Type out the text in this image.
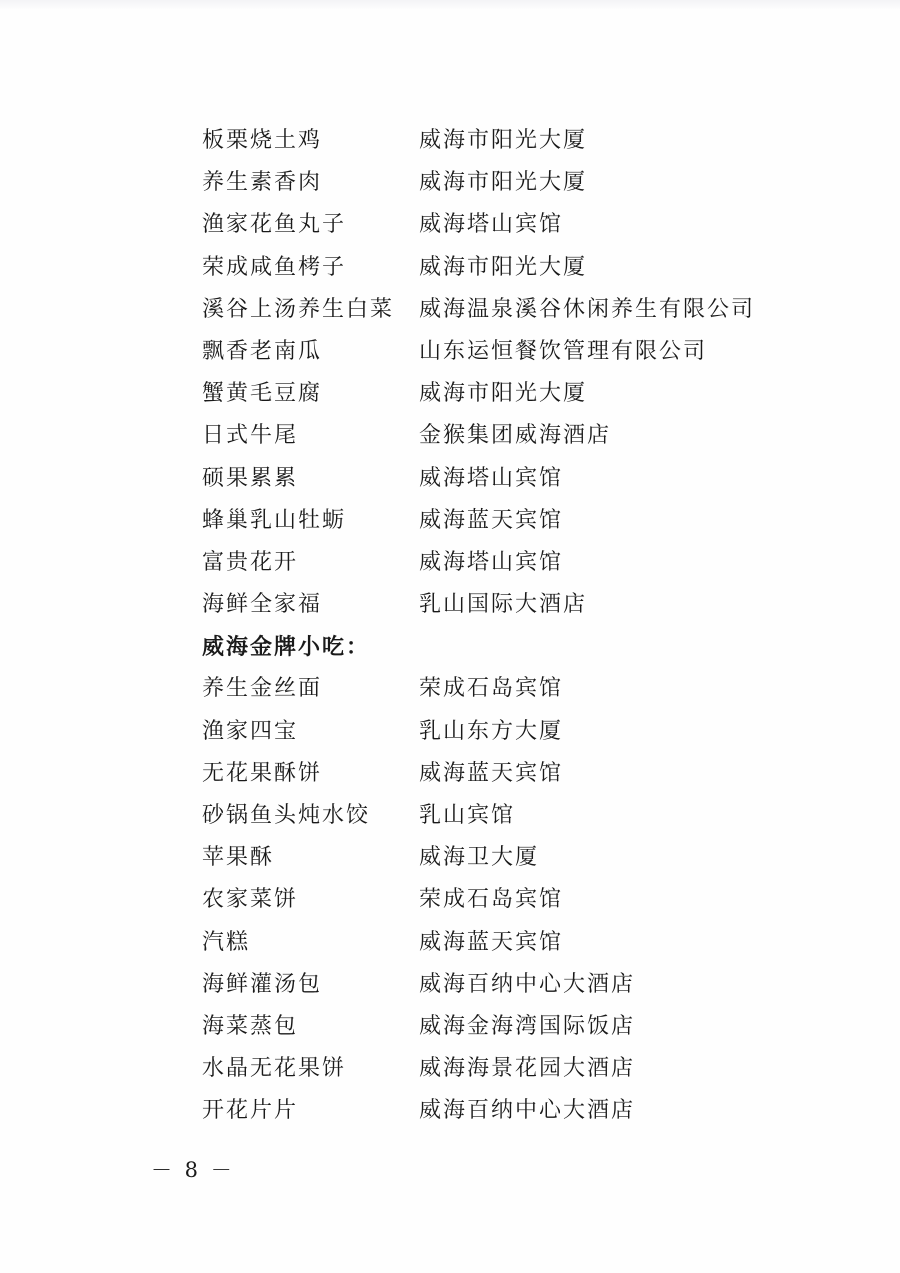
板栗烧土鸡	威海市阳光大厦
养生素香肉	威海市阳光大厦
渔家花鱼丸子	威海塔山宾馆
荣成咸鱼栲子	威海市阳光大厦
溪谷上汤养生白菜 威海温泉溪谷休闲养生有限公司
飘香老南瓜	山东运恒餐饮管理有限公司
蟹黄毛豆腐	威海市阳光大厦
日式牛尾	金猴集团威海酒店
硕果累累	威海塔山宾馆
蜂巢乳山牡蛎	威海蓝天宾馆
富贵花开	威海塔山宾馆
海鲜全家福	乳山国际大酒店
威海金牌小吃：
养生金丝面	荣成石岛宾馆
渔家四宝	乳山东方大厦
无花果酥饼	威海蓝天宾馆
砂锅鱼头炖水饺 乳山宾馆
苹果酥	威海卫大厦
农家菜饼	荣成石岛宾馆
汽糕	威海蓝天宾馆
海鲜灌汤包	威海百纳中心大酒店
海菜蒸包	威海金海湾国际饭店
水晶无花果饼	威海海景花园大酒店
开花片片	威海百纳中心大酒店
－ 8 －
